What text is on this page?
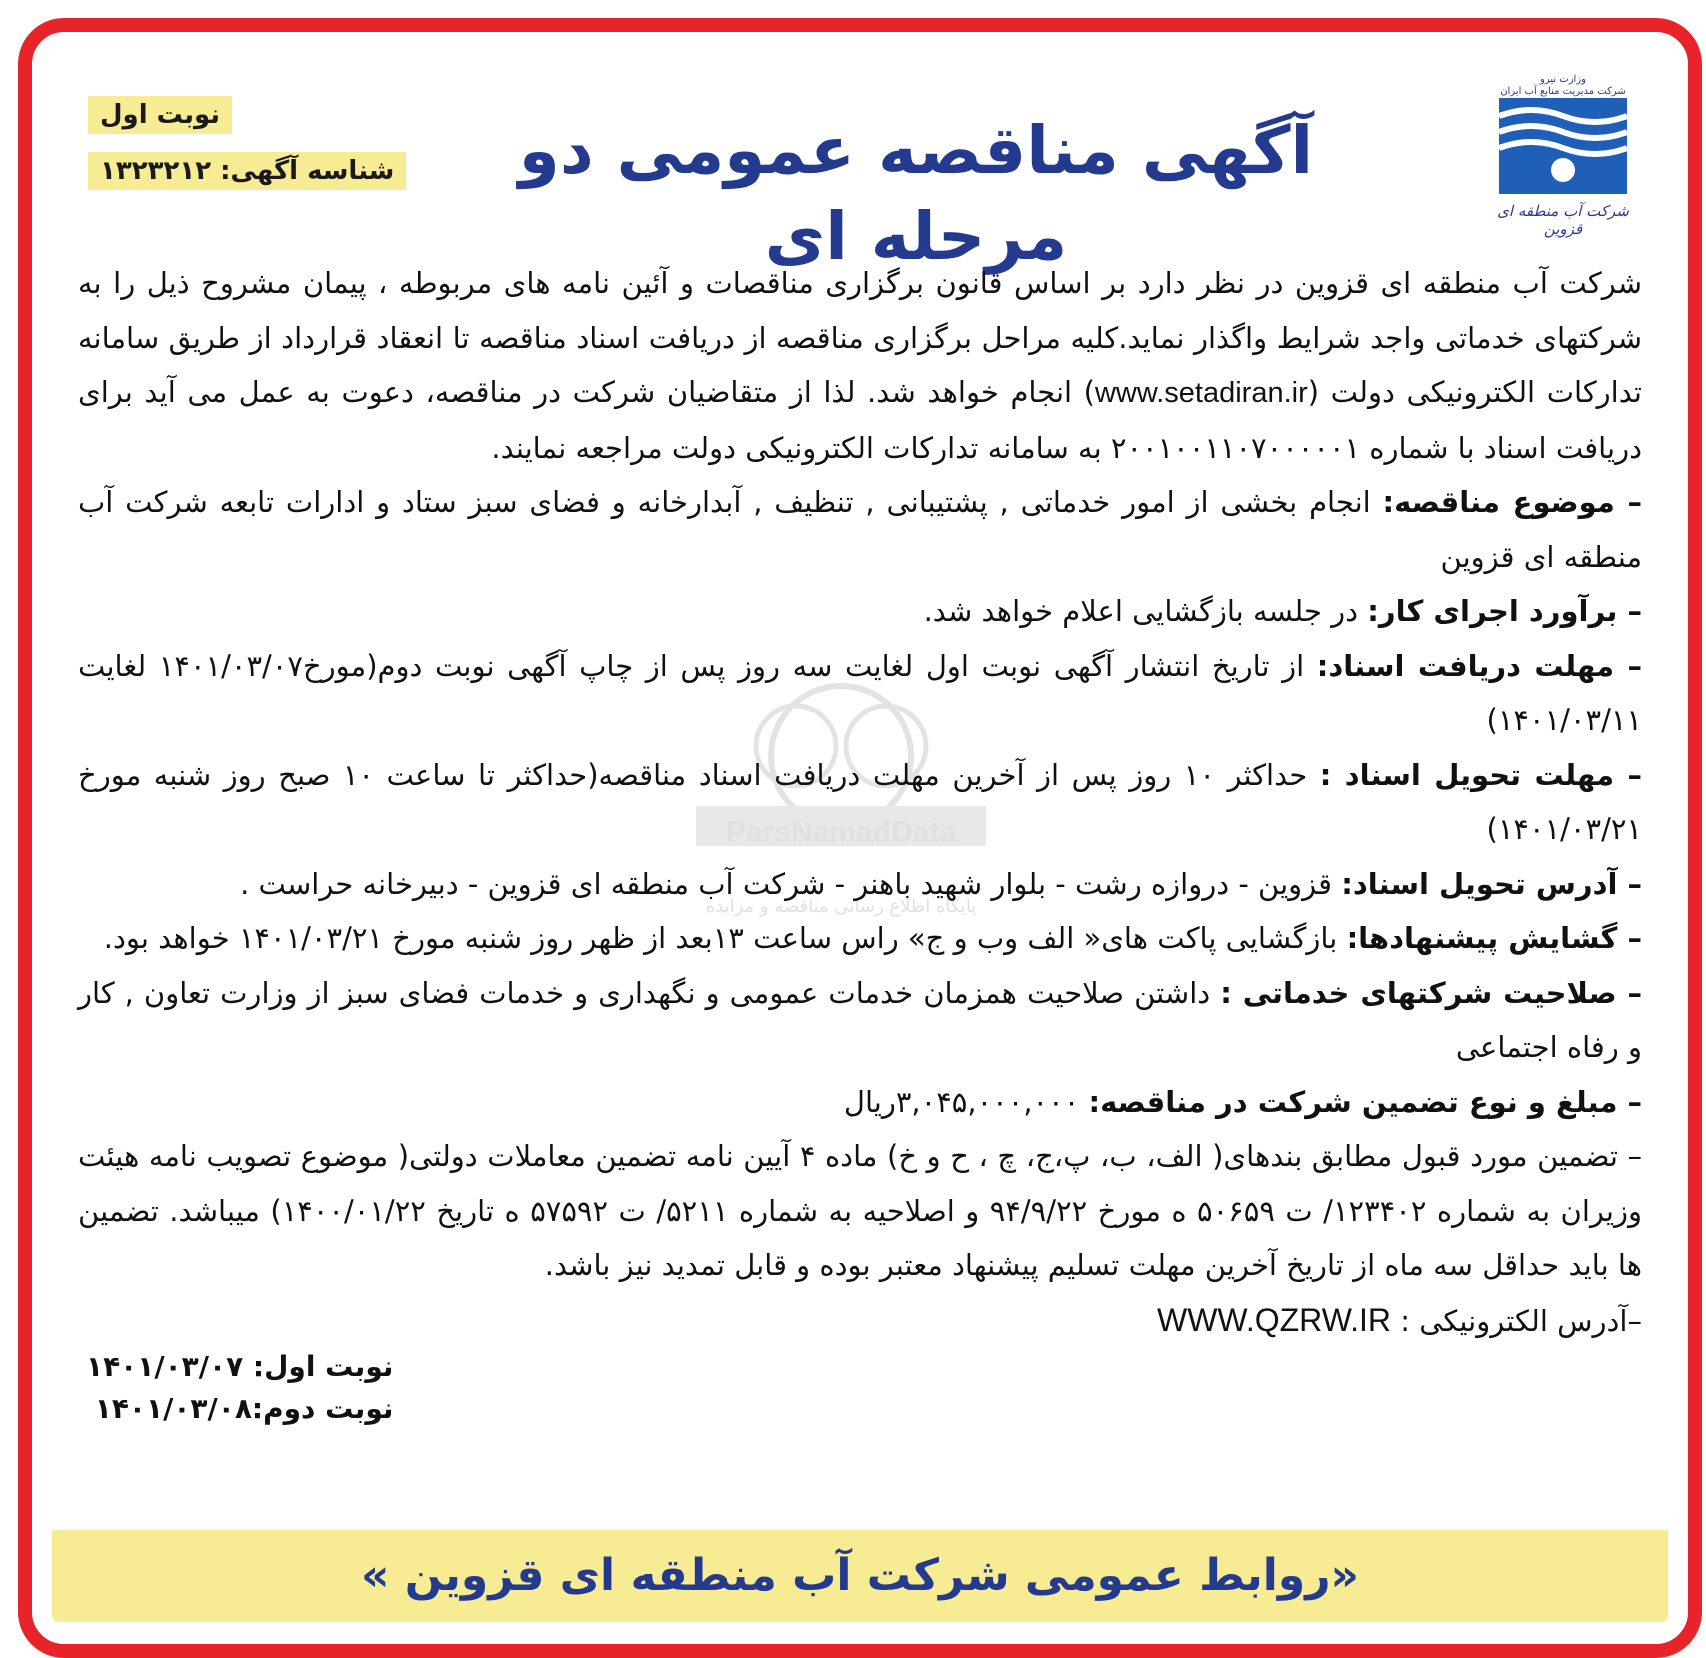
ParsNamadData
پایگاه اطلاع رسانی مناقصه و مزایده
نوبت اول
شناسه آگهی: ۱۳۲۳۲۱۲	آگهی مناقصه عمومی دو مرحله ای
وزارت نیرو
شرکت مدیریت منابع آب ایران
شرکت آب منطقه ای قزوین

شرکت آب منطقه ای قزوین در نظر دارد بر اساس قانون برگزاری مناقصات و آئین نامه های مربوطه ، پیمان مشروح ذیل را به شرکتهای خدماتی واجد شرایط واگذار نماید.کلیه مراحل برگزاری مناقصه از دریافت اسناد مناقصه تا انعقاد قرارداد از طریق سامانه تدارکات الکترونیکی دولت (www.setadiran.ir) انجام خواهد شد. لذا از متقاضیان شرکت در مناقصه، دعوت به عمل می آید برای دریافت اسناد با شماره ۲۰۰۱۰۰۱۱۰۷۰۰۰۰۰۱ به سامانه تدارکات الکترونیکی دولت مراجعه نمایند.

– موضوع مناقصه: انجام بخشی از امور خدماتی , پشتیبانی , تنظیف , آبدارخانه و فضای سبز ستاد و ادارات تابعه شرکت آب منطقه ای قزوین

– برآورد اجرای کار: در جلسه بازگشایی اعلام خواهد شد.

– مهلت دریافت اسناد: از تاریخ انتشار آگهی نوبت اول لغایت سه روز پس از چاپ آگهی نوبت دوم(مورخ۱۴۰۱/۰۳/۰۷ لغایت ۱۴۰۱/۰۳/۱۱)

– مهلت تحویل اسناد : حداکثر ۱۰ روز پس از آخرین مهلت دریافت اسناد مناقصه(حداکثر تا ساعت ۱۰ صبح روز شنبه مورخ ۱۴۰۱/۰۳/۲۱)

– آدرس تحویل اسناد: قزوین - دروازه رشت - بلوار شهید باهنر - شرکت آب منطقه ای قزوین - دبیرخانه حراست .

– گشایش پیشنهادها: بازگشایی پاکت های« الف وب و ج» راس ساعت ۱۳بعد از ظهر روز شنبه مورخ ۱۴۰۱/۰۳/۲۱ خواهد بود.

– صلاحیت شرکتهای خدماتی : داشتن صلاحیت همزمان خدمات عمومی و نگهداری و خدمات فضای سبز از وزارت تعاون , کار و رفاه اجتماعی

– مبلغ و نوع تضمین شرکت در مناقصه: ۳,۰۴۵,۰۰۰,۰۰۰ریال

– تضمین مورد قبول مطابق بندهای( الف، ب، پ،ج، چ ، ح و خ) ماده ۴ آیین نامه تضمین معاملات دولتی( موضوع تصویب نامه هیئت وزیران به شماره ۱۲۳۴۰۲/ ت ۵۰۶۵۹ ه مورخ ۹۴/۹/۲۲ و اصلاحیه به شماره ۵۲۱۱/ ت ۵۷۵۹۲ ه تاریخ ۱۴۰۰/۰۱/۲۲) میباشد. تضمین ها باید حداقل سه ماه از تاریخ آخرین مهلت تسلیم پیشنهاد معتبر بوده و قابل تمدید نیز باشد.

–آدرس الکترونیکی : WWW.QZRW.IR

نوبت اول: ۱۴۰۱/۰۳/۰۷
نوبت دوم:۱۴۰۱/۰۳/۰۸
«روابط عمومی شرکت آب منطقه ای قزوین »
